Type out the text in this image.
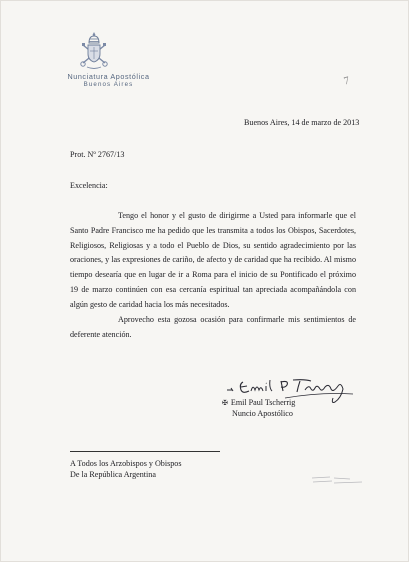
Nunciatura Apostólica
Buenos Aires	7
Buenos Aires, 14 de marzo de 2013
Prot. Nº 2767/13
Excelencia:

Tengo el honor y el gusto de dirigirme a Usted para informarle que el Santo Padre Francisco me ha pedido que les transmita a todos los Obispos, Sacerdotes, Religiosos, Religiosas y a todo el Pueblo de Dios, su sentido agradecimiento por las oraciones, y las expresiones de cariño, de afecto y de caridad que ha recibido. Al mismo tiempo desearía que en lugar de ir a Roma para el inicio de su Pontificado el próximo 19 de marzo continúen con esa cercanía espiritual tan apreciada acompañándola con algún gesto de caridad hacia los más necesitados.

Aprovecho esta gozosa ocasión para confirmarle mis sentimientos de deferente atención.

✠ Emil Paul Tscherrig
Nuncio Apostólico
A Todos los Arzobispos y Obispos
De la República Argentina
